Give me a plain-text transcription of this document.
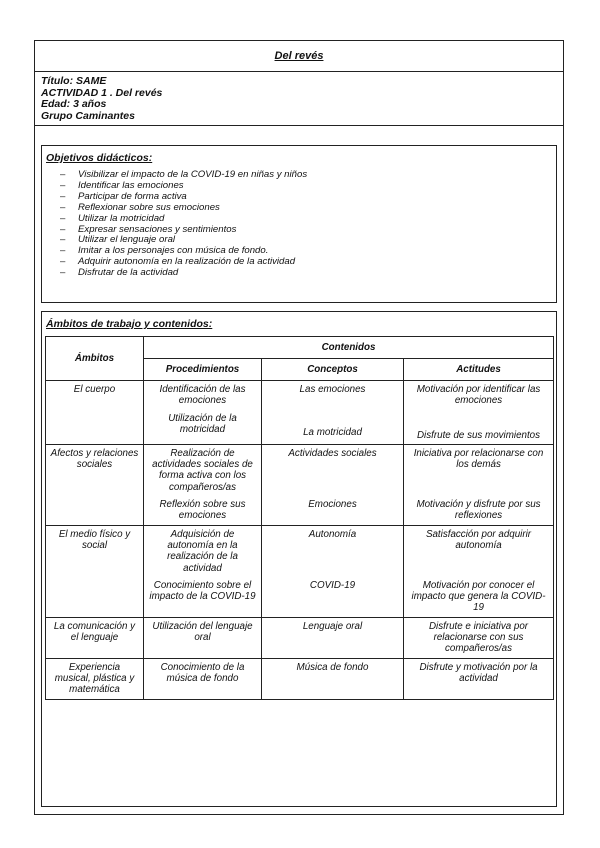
Del revés
Título: SAME
ACTIVIDAD 1 . Del revés
Edad: 3 años
Grupo Caminantes
Objetivos didácticos:
– Visibilizar el impacto de la COVID-19 en niñas y niños
– Identificar las emociones
– Participar de forma activa
– Reflexionar sobre sus emociones
– Utilizar la motricidad
– Expresar sensaciones y sentimientos
– Utilizar el lenguaje oral
– Imitar a los personajes con música de fondo.
– Adquirir autonomía en la realización de la actividad
– Disfrutar de la actividad
Ámbitos de trabajo y contenidos:
Ámbitos	Contenidos		
	Procedimientos	Conceptos	Actitudes
El cuerpo	Identificación de las emociones	Las emociones	Motivación por identificar las emociones
	Utilización de la motricidad	La motricidad	Disfrute de sus movimientos
Afectos y relaciones sociales	Realización de actividades sociales de forma activa con los compañeros/as	Actividades sociales	Iniciativa por relacionarse con los demás
	Reflexión sobre sus emociones	Emociones	Motivación y disfrute por sus reflexiones
El medio físico y social	Adquisición de autonomía en la realización de la actividad	Autonomía	Satisfacción por adquirir autonomía
	Conocimiento sobre el impacto de la COVID-19	COVID-19	Motivación por conocer el impacto que genera la COVID-19
La comunicación y el lenguaje	Utilización del lenguaje oral	Lenguaje oral	Disfrute e iniciativa por relacionarse con sus compañeros/as
Experiencia musical, plástica y matemática	Conocimiento de la música de fondo	Música de fondo	Disfrute y motivación por la actividad
